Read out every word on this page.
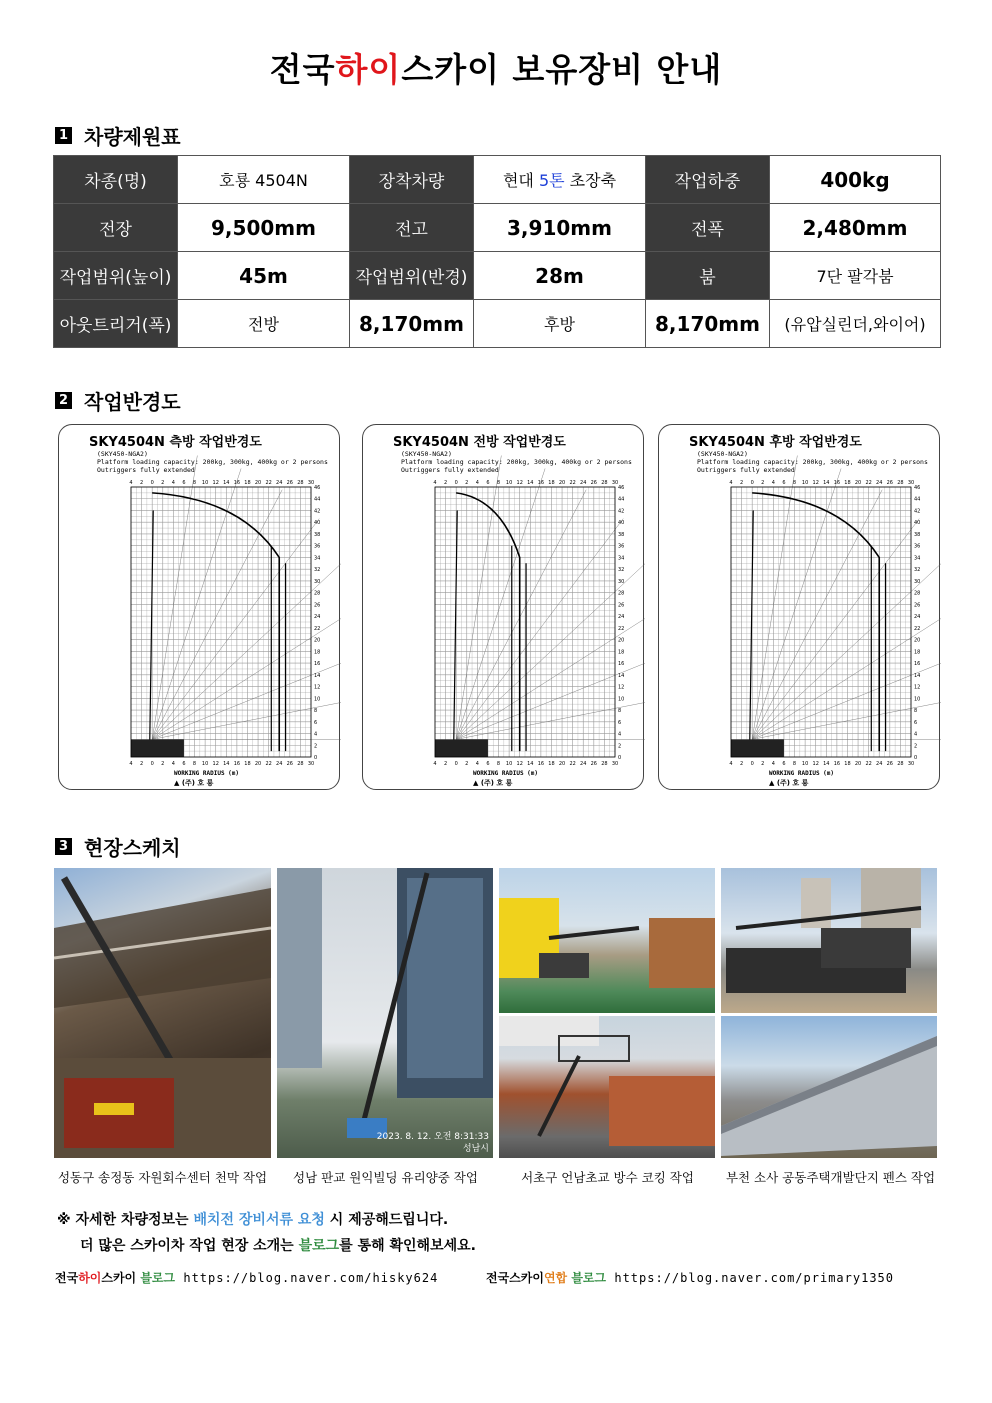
전국하이스카이 보유장비 안내
1 차량제원표
차종(명)	호룡 4504N	장착차량	현대 5톤 초장축	작업하중	400kg
전장	9,500mm	전고	3,910mm	전폭	2,480mm
작업범위(높이)	45m	작업범위(반경)	28m	붐	7단 팔각붐
아웃트리거(폭)	전방	8,170mm	후방	8,170mm	(유압실린더,와이어)
2 작업반경도
4
4
2
2
0
0
2
2
4
4
6
6
8
8
10
10
12
12
14
14
16
16
18
18
20
20
22
22
24
24
26
26
28
28
30
30
0
2
4
6
8
10
12
14
16
18
20
22
24
26
28
30
32
34
36
38
40
42
44
46
SKY4504N 측방 작업반경도
(SKY450-NGA2)
Platform loading capacity: 200kg, 300kg, 400kg or 2 persons
Outriggers fully extended
WORKING RADIUS (m)
▲ (주) 호 룡
4
4
2
2
0
0
2
2
4
4
6
6
8
8
10
10
12
12
14
14
16
16
18
18
20
20
22
22
24
24
26
26
28
28
30
30
0
2
4
6
8
10
12
14
16
18
20
22
24
26
28
30
32
34
36
38
40
42
44
46
SKY4504N 전방 작업반경도
(SKY450-NGA2)
Platform loading capacity: 200kg, 300kg, 400kg or 2 persons
Outriggers fully extended
WORKING RADIUS (m)
▲ (주) 호 룡
4
4
2
2
0
0
2
2
4
4
6
6
8
8
10
10
12
12
14
14
16
16
18
18
20
20
22
22
24
24
26
26
28
28
30
30
0
2
4
6
8
10
12
14
16
18
20
22
24
26
28
30
32
34
36
38
40
42
44
46
SKY4504N 후방 작업반경도
(SKY450-NGA2)
Platform loading capacity: 200kg, 300kg, 400kg or 2 persons
Outriggers fully extended
WORKING RADIUS (m)
▲ (주) 호 룡
3 현장스케치
2023. 8. 12. 오전 8:31:33
성남시
성동구 송정동 자원회수센터 천막 작업	성남 판교 원익빌딩 유리양중 작업	서초구 언남초교 방수 코킹 작업	부천 소사 공동주택개발단지 펜스 작업
※ 자세한 차량정보는 배치전 장비서류 요청 시 제공해드립니다.
더 많은 스카이차 작업 현장 소개는 블로그를 통해 확인해보세요.
전국하이스카이 블로그 https://blog.naver.com/hisky624	전국스카이연합 블로그 https://blog.naver.com/primary1350
